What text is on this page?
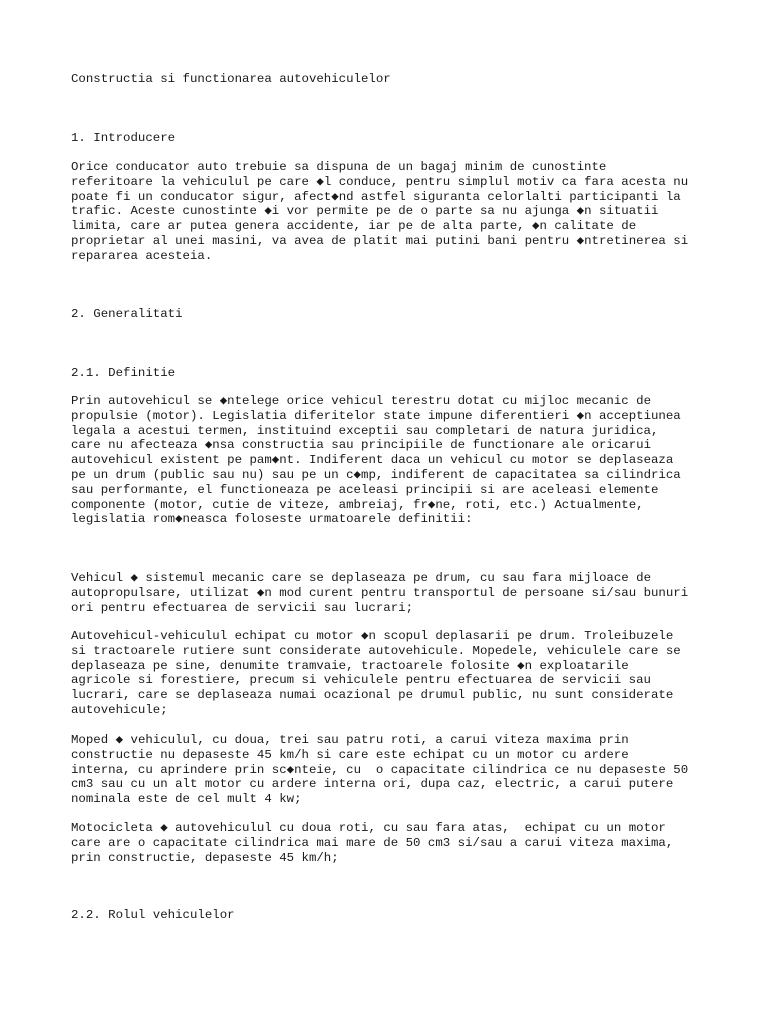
Constructia si functionarea autovehiculelor

1. Introducere

Orice conducator auto trebuie sa dispuna de un bagaj minim de cunostinte
referitoare la vehiculul pe care ◆l conduce, pentru simplul motiv ca fara acesta nu
poate fi un conducator sigur, afect◆nd astfel siguranta celorlalti participanti la
trafic. Aceste cunostinte ◆i vor permite pe de o parte sa nu ajunga ◆n situatii
limita, care ar putea genera accidente, iar pe de alta parte, ◆n calitate de
proprietar al unei masini, va avea de platit mai putini bani pentru ◆ntretinerea si
repararea acesteia.

2. Generalitati

2.1. Definitie

Prin autovehicul se ◆ntelege orice vehicul terestru dotat cu mijloc mecanic de
propulsie (motor). Legislatia diferitelor state impune diferentieri ◆n acceptiunea
legala a acestui termen, instituind exceptii sau completari de natura juridica,
care nu afecteaza ◆nsa constructia sau principiile de functionare ale oricarui
autovehicul existent pe pam◆nt. Indiferent daca un vehicul cu motor se deplaseaza
pe un drum (public sau nu) sau pe un c◆mp, indiferent de capacitatea sa cilindrica
sau performante, el functioneaza pe aceleasi principii si are aceleasi elemente
componente (motor, cutie de viteze, ambreiaj, fr◆ne, roti, etc.) Actualmente,
legislatia rom◆neasca foloseste urmatoarele definitii:

Vehicul ◆ sistemul mecanic care se deplaseaza pe drum, cu sau fara mijloace de
autopropulsare, utilizat ◆n mod curent pentru transportul de persoane si/sau bunuri
ori pentru efectuarea de servicii sau lucrari;

Autovehicul-vehiculul echipat cu motor ◆n scopul deplasarii pe drum. Troleibuzele
si tractoarele rutiere sunt considerate autovehicule. Mopedele, vehiculele care se
deplaseaza pe sine, denumite tramvaie, tractoarele folosite ◆n exploatarile
agricole si forestiere, precum si vehiculele pentru efectuarea de servicii sau
lucrari, care se deplaseaza numai ocazional pe drumul public, nu sunt considerate
autovehicule;

Moped ◆ vehiculul, cu doua, trei sau patru roti, a carui viteza maxima prin
constructie nu depaseste 45 km/h si care este echipat cu un motor cu ardere
interna, cu aprindere prin sc◆nteie, cu  o capacitate cilindrica ce nu depaseste 50
cm3 sau cu un alt motor cu ardere interna ori, dupa caz, electric, a carui putere
nominala este de cel mult 4 kw;

Motocicleta ◆ autovehiculul cu doua roti, cu sau fara atas,  echipat cu un motor
care are o capacitate cilindrica mai mare de 50 cm3 si/sau a carui viteza maxima,
prin constructie, depaseste 45 km/h;

2.2. Rolul vehiculelor
